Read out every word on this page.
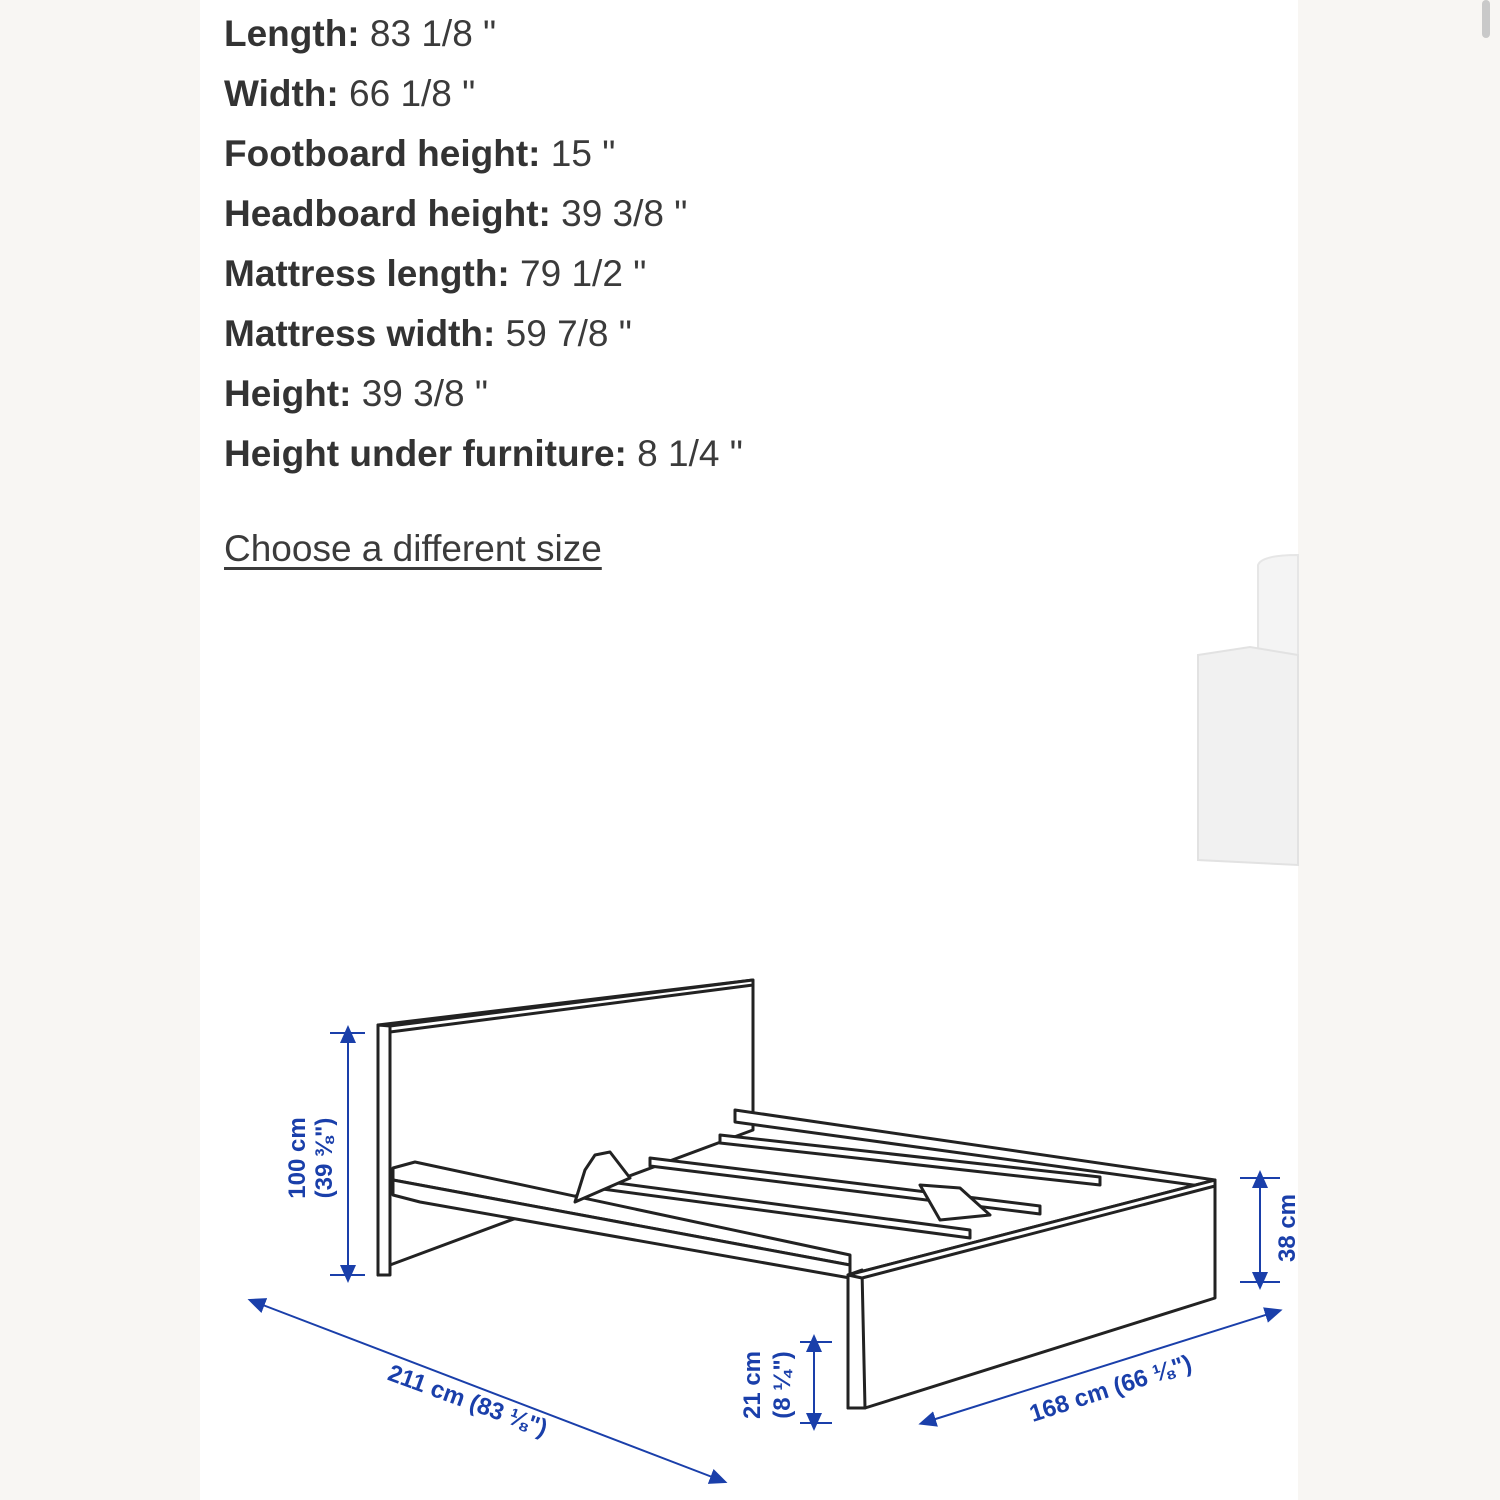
Length: 83 1/8 "
Width: 66 1/8 "
Footboard height: 15 "
Headboard height: 39 3/8 "
Mattress length: 79 1/2 "
Mattress width: 59 7/8 "
Height: 39 3/8 "
Height under furniture: 8 1/4 "
Choose a different size
100 cm (39 ⅜")
211 cm (83 ⅛")	21 cm (8 ¼")	168 cm (66 ⅛")
38 cm
